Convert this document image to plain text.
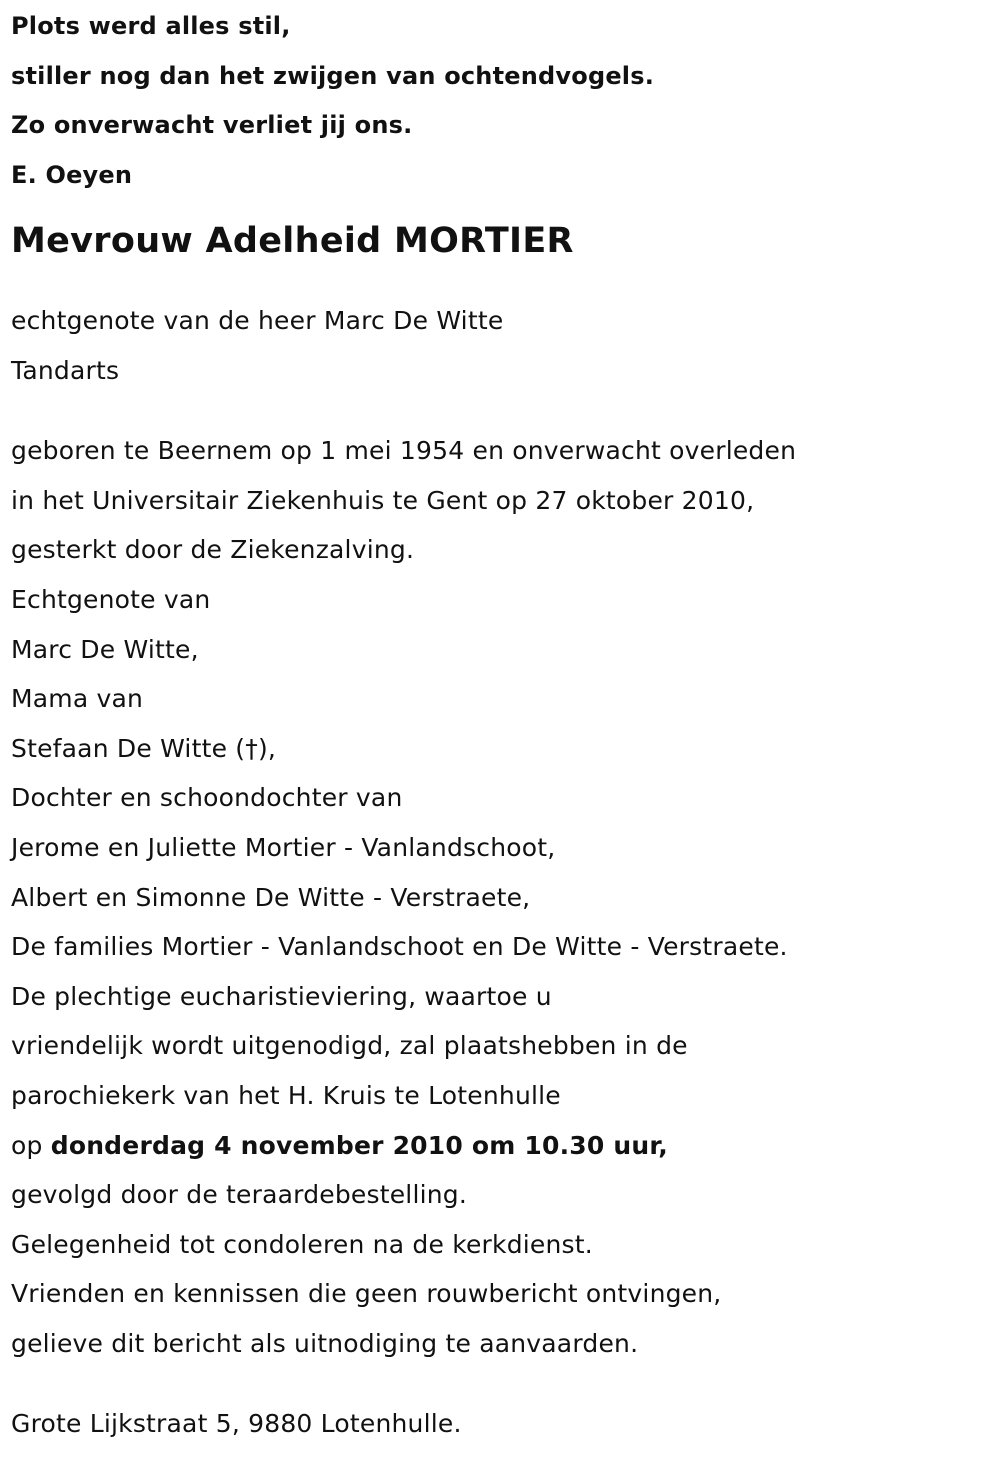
Plots werd alles stil,
stiller nog dan het zwijgen van ochtendvogels.
Zo onverwacht verliet jij ons.
E. Oeyen
Mevrouw Adelheid MORTIER
echtgenote van de heer Marc De Witte
Tandarts
geboren te Beernem op 1 mei 1954 en onverwacht overleden
in het Universitair Ziekenhuis te Gent op 27 oktober 2010,
gesterkt door de Ziekenzalving.
Echtgenote van
Marc De Witte,
Mama van
Stefaan De Witte (†),
Dochter en schoondochter van
Jerome en Juliette Mortier - Vanlandschoot,
Albert en Simonne De Witte - Verstraete,
De families Mortier - Vanlandschoot en De Witte - Verstraete.
De plechtige eucharistieviering, waartoe u
vriendelijk wordt uitgenodigd, zal plaatshebben in de
parochiekerk van het H. Kruis te Lotenhulle
op donderdag 4 november 2010 om 10.30 uur,
gevolgd door de teraardebestelling.
Gelegenheid tot condoleren na de kerkdienst.
Vrienden en kennissen die geen rouwbericht ontvingen,
gelieve dit bericht als uitnodiging te aanvaarden.
Grote Lijkstraat 5, 9880 Lotenhulle.
